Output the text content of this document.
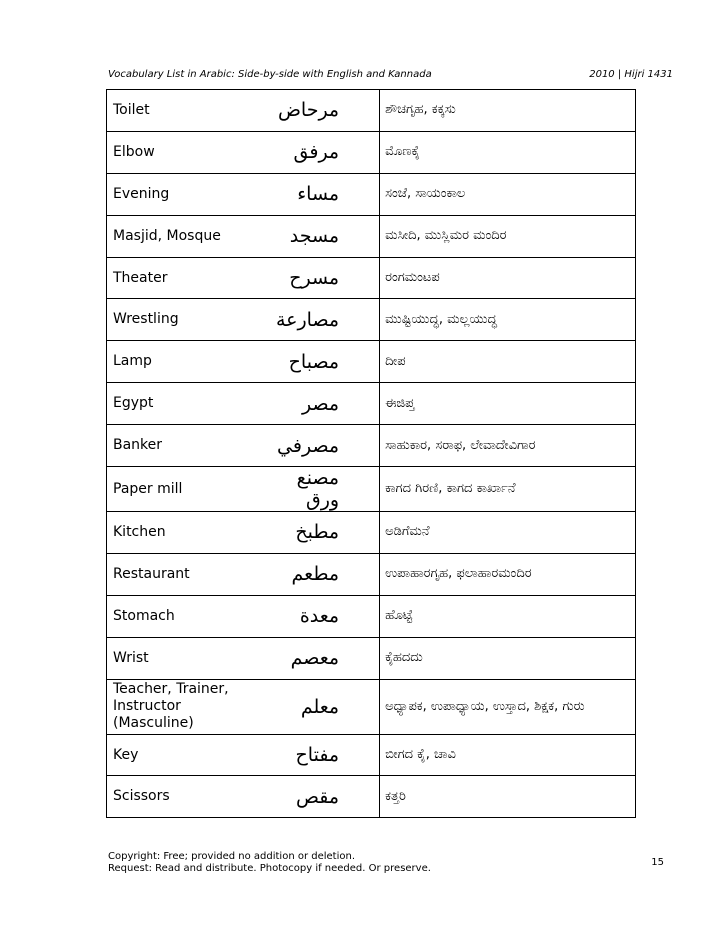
Vocabulary List in Arabic: Side-by-side with English and Kannada	2010 | Hijri 1431
Toilet	مرحاض	ಶೌಚಗೃಹ, ಕಕ್ಕಸು
Elbow	مرفق	ಮೊಣಕೈ
Evening	مساء	ಸಂಜೆ, ಸಾಯಂಕಾಲ
Masjid, Mosque	مسجد	ಮಸೀದಿ, ಮುಸ್ಲಿಮರ ಮಂದಿರ
Theater	مسرح	ರಂಗಮಂಟಪ
Wrestling	مصارعة	ಮುಷ್ಟಿಯುದ್ಧ, ಮಲ್ಲಯುದ್ಧ
Lamp	مصباح	ದೀಪ
Egypt	مصر	ಈಜಿಪ್ತ
Banker	مصرفي	ಸಾಹುಕಾರ, ಸರಾಫ, ಲೇವಾದೇವಿಗಾರ
Paper mill	مصنع ورق	ಕಾಗದ ಗಿರಣಿ, ಕಾಗದ ಕಾರ್ಖಾನೆ
Kitchen	مطبخ	ಅಡಿಗೆಮನೆ
Restaurant	مطعم	ಉಪಾಹಾರಗೃಹ, ಫಲಾಹಾರಮಂದಿರ
Stomach	معدة	ಹೊಟ್ಟೆ
Wrist	معصم	ಕೈಹದದು
Teacher, Trainer, Instructor (Masculine)	معلم	ಅಧ್ಯಾಪಕ, ಉಪಾಧ್ಯಾಯ, ಉಸ್ತಾದ, ಶಿಕ್ಷಕ, ಗುರು
Key	مفتاح	ಬೀಗದ ಕೈ, ಚಾವಿ
Scissors	مقص	ಕತ್ತರಿ
Copyright: Free; provided no addition or deletion.
Request: Read and distribute. Photocopy if needed. Or preserve.
15
